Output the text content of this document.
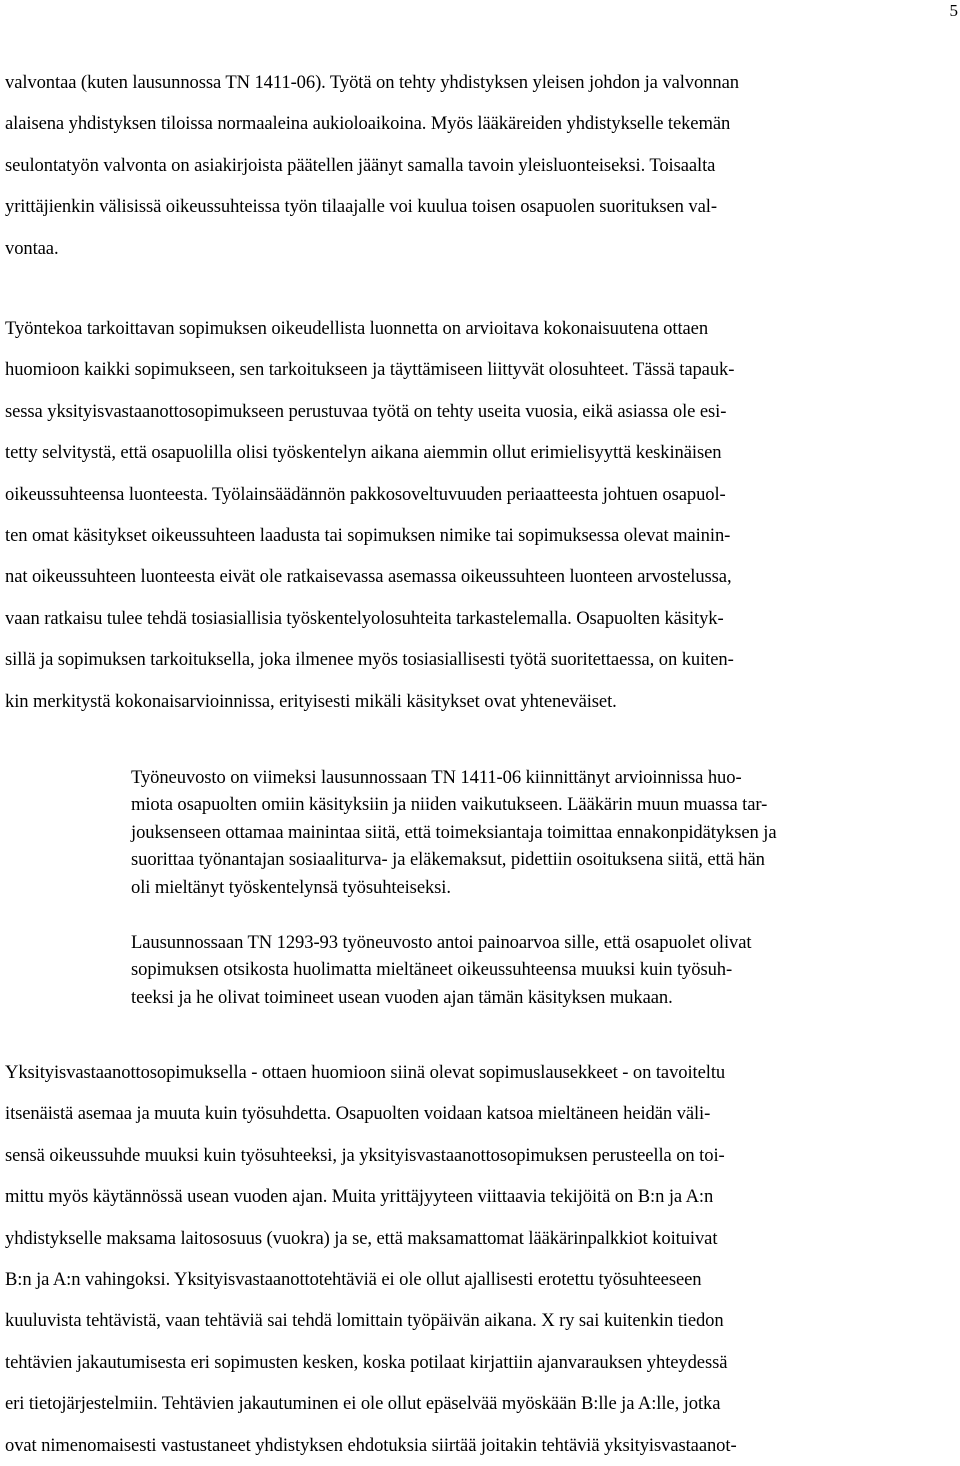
5
valvontaa (kuten lausunnossa TN 1411-06). Työtä on tehty yhdistyksen yleisen johdon ja valvonnan
alaisena yhdistyksen tiloissa normaaleina aukioloaikoina. Myös lääkäreiden yhdistykselle tekemän
seulontatyön valvonta on asiakirjoista päätellen jäänyt samalla tavoin yleisluonteiseksi. Toisaalta
yrittäjienkin välisissä oikeussuhteissa työn tilaajalle voi kuulua toisen osapuolen suorituksen val-
vontaa.
Työntekoa tarkoittavan sopimuksen oikeudellista luonnetta on arvioitava kokonaisuutena ottaen
huomioon kaikki sopimukseen, sen tarkoitukseen ja täyttämiseen liittyvät olosuhteet. Tässä tapauk-
sessa yksityisvastaanottosopimukseen perustuvaa työtä on tehty useita vuosia, eikä asiassa ole esi-
tetty selvitystä, että osapuolilla olisi työskentelyn aikana aiemmin ollut erimielisyyttä keskinäisen
oikeussuhteensa luonteesta. Työlainsäädännön pakkosoveltuvuuden periaatteesta johtuen osapuol-
ten omat käsitykset oikeussuhteen laadusta tai sopimuksen nimike tai sopimuksessa olevat mainin-
nat oikeussuhteen luonteesta eivät ole ratkaisevassa asemassa oikeussuhteen luonteen arvostelussa,
vaan ratkaisu tulee tehdä tosiasiallisia työskentelyolosuhteita tarkastelemalla. Osapuolten käsityk-
sillä ja sopimuksen tarkoituksella, joka ilmenee myös tosiasiallisesti työtä suoritettaessa, on kuiten-
kin merkitystä kokonaisarvioinnissa, erityisesti mikäli käsitykset ovat yhteneväiset.
Työneuvosto on viimeksi lausunnossaan TN 1411-06 kiinnittänyt arvioinnissa huo-
miota osapuolten omiin käsityksiin ja niiden vaikutukseen. Lääkärin muun muassa tar-
jouksenseen ottamaa mainintaa siitä, että toimeksiantaja toimittaa ennakonpidätyksen ja
suorittaa työnantajan sosiaaliturva- ja eläkemaksut, pidettiin osoituksena siitä, että hän
oli mieltänyt työskentelynsä työsuhteiseksi.
Lausunnossaan TN 1293-93 työneuvosto antoi painoarvoa sille, että osapuolet olivat
sopimuksen otsikosta huolimatta mieltäneet oikeussuhteensa muuksi kuin työsuh-
teeksi ja he olivat toimineet usean vuoden ajan tämän käsityksen mukaan.
Yksityisvastaanottosopimuksella - ottaen huomioon siinä olevat sopimuslausekkeet - on tavoiteltu
itsenäistä asemaa ja muuta kuin työsuhdetta. Osapuolten voidaan katsoa mieltäneen heidän väli-
sensä oikeussuhde muuksi kuin työsuhteeksi, ja yksityisvastaanottosopimuksen perusteella on toi-
mittu myös käytännössä usean vuoden ajan. Muita yrittäjyyteen viittaavia tekijöitä on B:n ja A:n
yhdistykselle maksama laitososuus (vuokra) ja se, että maksamattomat lääkärinpalkkiot koituivat
B:n ja A:n vahingoksi. Yksityisvastaanottotehtäviä ei ole ollut ajallisesti erotettu työsuhteeseen
kuuluvista tehtävistä, vaan tehtäviä sai tehdä lomittain työpäivän aikana. X ry sai kuitenkin tiedon
tehtävien jakautumisesta eri sopimusten kesken, koska potilaat kirjattiin ajanvarauksen yhteydessä
eri tietojärjestelmiin. Tehtävien jakautuminen ei ole ollut epäselvää myöskään B:lle ja A:lle, jotka
ovat nimenomaisesti vastustaneet yhdistyksen ehdotuksia siirtää joitakin tehtäviä yksityisvastaanot-
